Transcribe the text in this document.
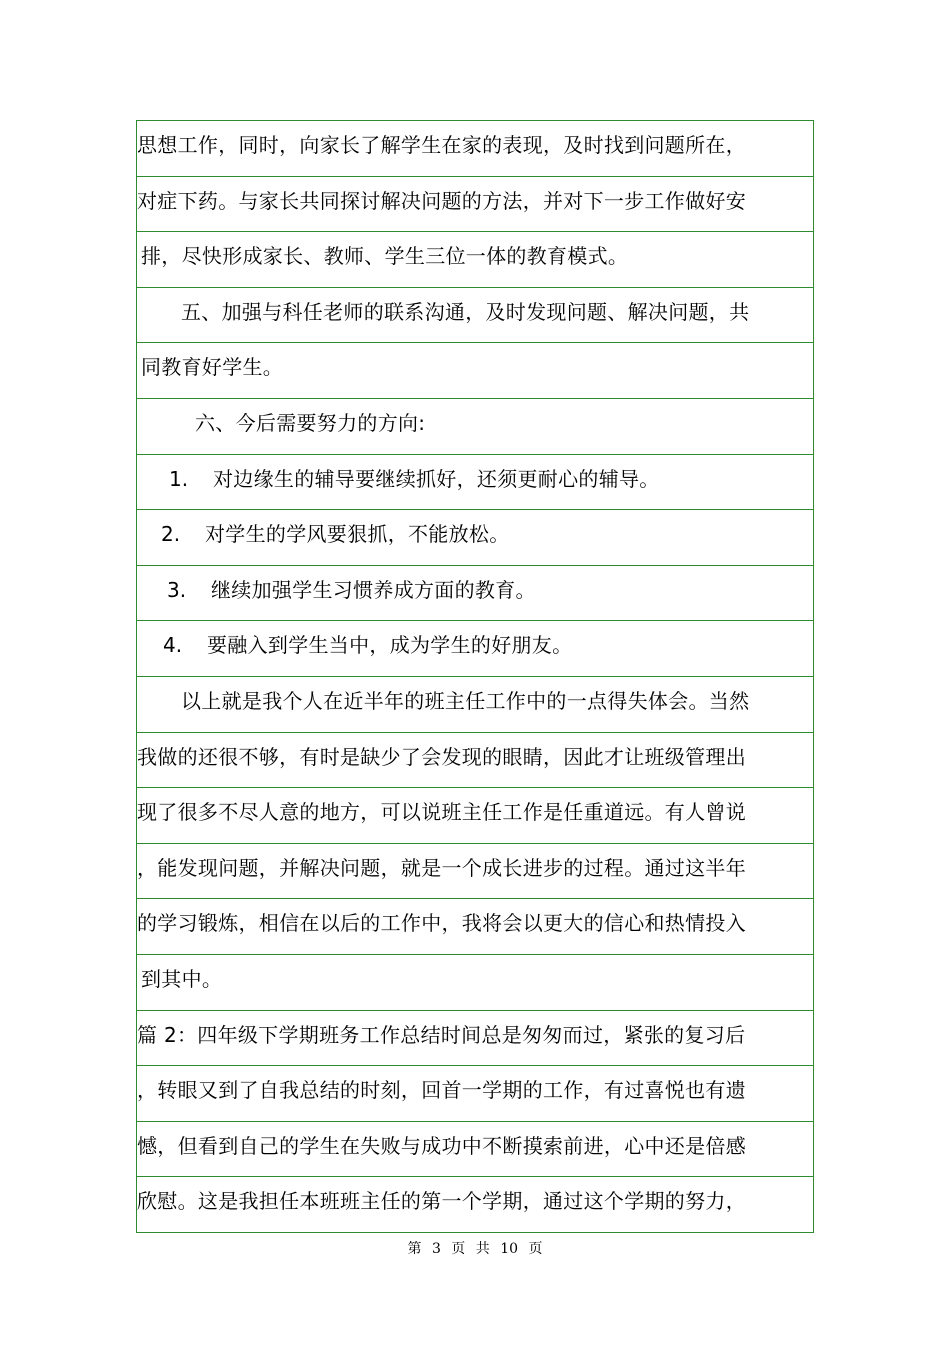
思想工作，同时，向家长了解学生在家的表现，及时找到问题所在，
对症下药。与家长共同探讨解决问题的方法，并对下一步工作做好安
排，尽快形成家长、教师、学生三位一体的教育模式。
五、加强与科任老师的联系沟通，及时发现问题、解决问题，共
同教育好学生。
六、今后需要努力的方向:
1. 对边缘生的辅导要继续抓好，还须更耐心的辅导。
2. 对学生的学风要狠抓，不能放松。
3. 继续加强学生习惯养成方面的教育。
4. 要融入到学生当中，成为学生的好朋友。
以上就是我个人在近半年的班主任工作中的一点得失体会。当然
我做的还很不够，有时是缺少了会发现的眼睛，因此才让班级管理出
现了很多不尽人意的地方，可以说班主任工作是任重道远。有人曾说
，能发现问题，并解决问题，就是一个成长进步的过程。通过这半年
的学习锻炼，相信在以后的工作中，我将会以更大的信心和热情投入
到其中。
篇 2：四年级下学期班务工作总结时间总是匆匆而过，紧张的复习后
，转眼又到了自我总结的时刻，回首一学期的工作，有过喜悦也有遗
憾，但看到自己的学生在失败与成功中不断摸索前进，心中还是倍感
欣慰。这是我担任本班班主任的第一个学期，通过这个学期的努力，
第 3 页 共 10 页
